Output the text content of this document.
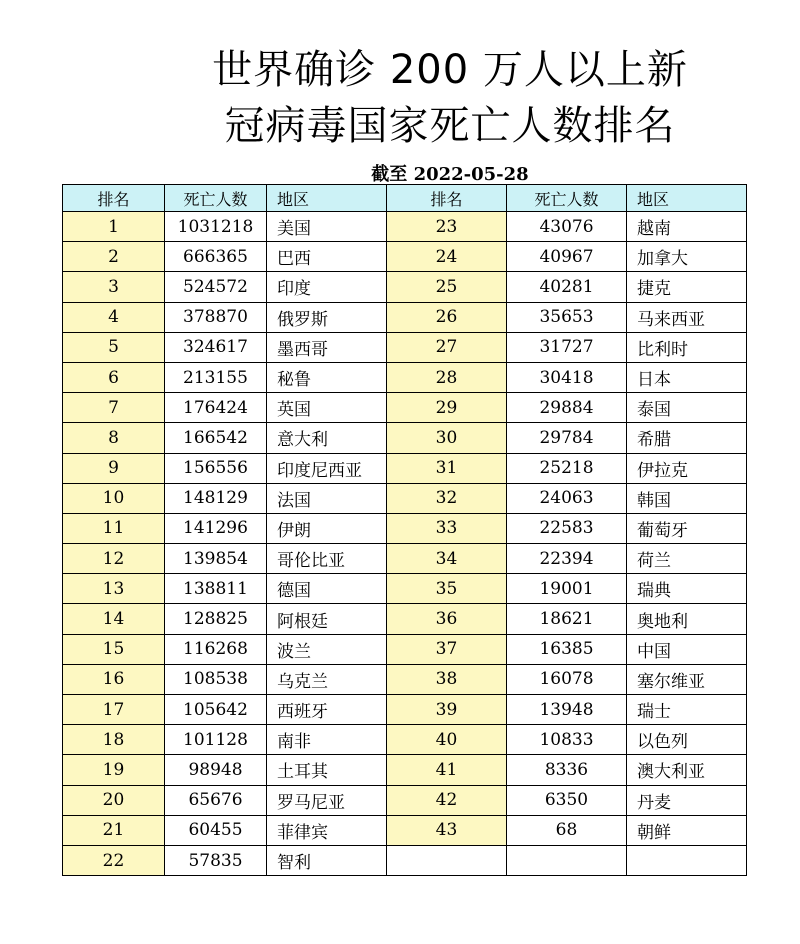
世界确诊 200 万人以上新
冠病毒国家死亡人数排名
截至 2022-05-28
排名	死亡人数	地区	排名	死亡人数	地区
1	1031218	美国	23	43076	越南
2	666365	巴西	24	40967	加拿大
3	524572	印度	25	40281	捷克
4	378870	俄罗斯	26	35653	马来西亚
5	324617	墨西哥	27	31727	比利时
6	213155	秘鲁	28	30418	日本
7	176424	英国	29	29884	泰国
8	166542	意大利	30	29784	希腊
9	156556	印度尼西亚	31	25218	伊拉克
10	148129	法国	32	24063	韩国
11	141296	伊朗	33	22583	葡萄牙
12	139854	哥伦比亚	34	22394	荷兰
13	138811	德国	35	19001	瑞典
14	128825	阿根廷	36	18621	奥地利
15	116268	波兰	37	16385	中国
16	108538	乌克兰	38	16078	塞尔维亚
17	105642	西班牙	39	13948	瑞士
18	101128	南非	40	10833	以色列
19	98948	土耳其	41	8336	澳大利亚
20	65676	罗马尼亚	42	6350	丹麦
21	60455	菲律宾	43	68	朝鲜
22	57835	智利			
